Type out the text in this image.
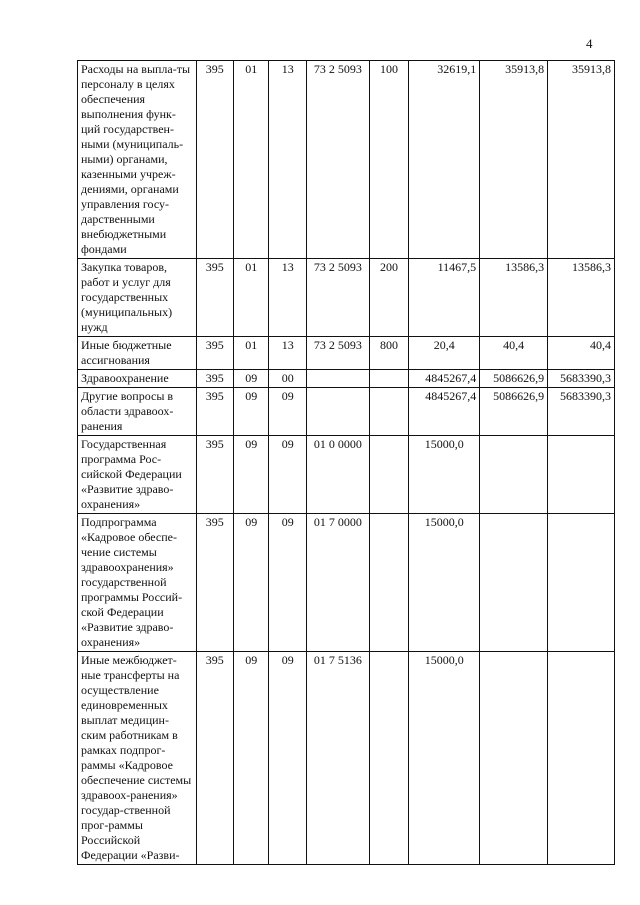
4
Расходы на выпла-ты персоналу в целях обеспечения выполнения функ-ций государствен-ными (муниципаль-ными) органами, казенными учреж-дениями, органами управления госу-дарственными внебюджетными фондами	395	01	13	73 2 5093	100	32619,1	35913,8	35913,8
Закупка товаров, работ и услуг для государственных (муниципальных) нужд	395	01	13	73 2 5093	200	11467,5	13586,3	13586,3
Иные бюджетные ассигнования	395	01	13	73 2 5093	800	20,4	40,4	40,4
Здравоохранение	395	09	00			4845267,4	5086626,9	5683390,3
Другие вопросы в области здравоох-ранения	395	09	09			4845267,4	5086626,9	5683390,3
Государственная программа Рос-сийской Федерации «Развитие здраво-охранения»	395	09	09	01 0 0000		15000,0		
Подпрограмма «Кадровое обеспе-чение системы здравоохранения» государственной программы Россий-ской Федерации «Развитие здраво-охранения»	395	09	09	01 7 0000		15000,0		
Иные межбюджет-ные трансферты на осуществление единовременных выплат медицин-ским работникам в рамках подпрог-раммы «Кадровое обеспечение системы здравоох-ранения» государ-ственной прог-раммы Российской Федерации «Разви-	395	09	09	01 7 5136		15000,0		
